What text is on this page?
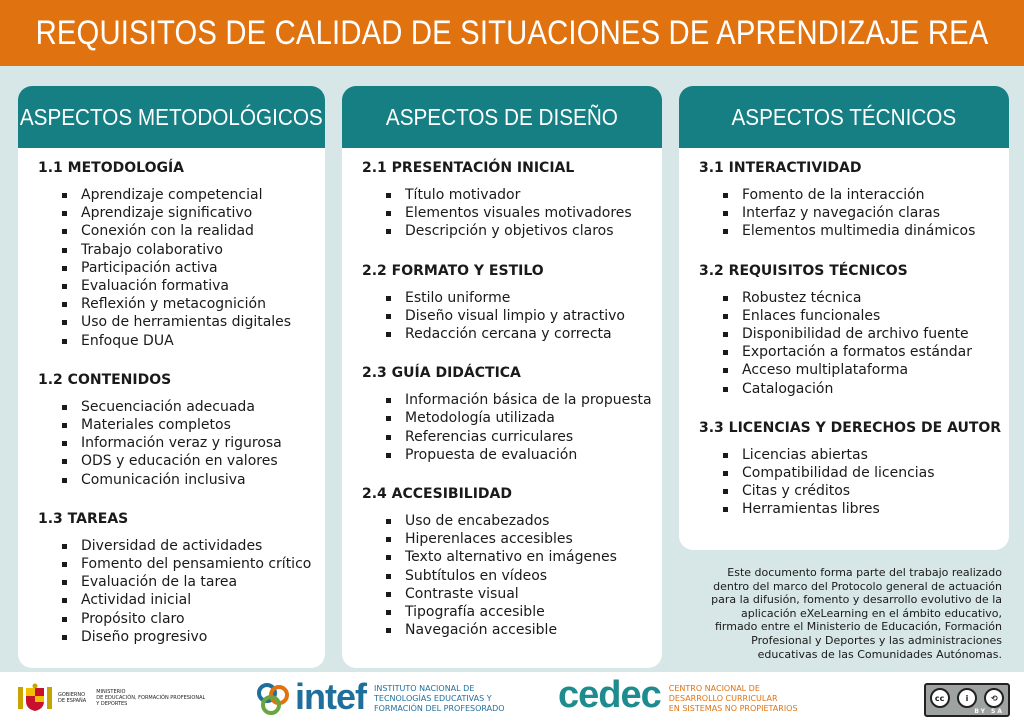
REQUISITOS DE CALIDAD DE SITUACIONES DE APRENDIZAJE REA
ASPECTOS METODOLÓGICOS
1.1 METODOLOGÍA
Aprendizaje competencial
Aprendizaje significativo
Conexión con la realidad
Trabajo colaborativo
Participación activa
Evaluación formativa
Reflexión y metacognición
Uso de herramientas digitales
Enfoque DUA
1.2 CONTENIDOS
Secuenciación adecuada
Materiales completos
Información veraz y rigurosa
ODS y educación en valores
Comunicación inclusiva
1.3 TAREAS
Diversidad de actividades
Fomento del pensamiento crítico
Evaluación de la tarea
Actividad inicial
Propósito claro
Diseño progresivo
ASPECTOS DE DISEÑO
2.1 PRESENTACIÓN INICIAL
Título motivador
Elementos visuales motivadores
Descripción y objetivos claros
2.2 FORMATO Y ESTILO
Estilo uniforme
Diseño visual limpio y atractivo
Redacción cercana y correcta
2.3 GUÍA DIDÁCTICA
Información básica de la propuesta
Metodología utilizada
Referencias curriculares
Propuesta de evaluación
2.4 ACCESIBILIDAD
Uso de encabezados
Hiperenlaces accesibles
Texto alternativo en imágenes
Subtítulos en vídeos
Contraste visual
Tipografía accesible
Navegación accesible
ASPECTOS TÉCNICOS
3.1 INTERACTIVIDAD
Fomento de la interacción
Interfaz y navegación claras
Elementos multimedia dinámicos
3.2 REQUISITOS TÉCNICOS
Robustez técnica
Enlaces funcionales
Disponibilidad de archivo fuente
Exportación a formatos estándar
Acceso multiplataforma
Catalogación
3.3 LICENCIAS Y DERECHOS DE AUTOR
Licencias abiertas
Compatibilidad de licencias
Citas y créditos
Herramientas libres
Este documento forma parte del trabajo realizado dentro del marco del Protocolo general de actuación para la difusión, fomento y desarrollo evolutivo de la aplicación eXeLearning en el ámbito educativo, firmado entre el Ministerio de Educación, Formación Profesional y Deportes y las administraciones educativas de las Comunidades Autónomas.
GOBIERNO
DE ESPAÑA
MINISTERIO
DE EDUCACIÓN, FORMACIÓN PROFESIONAL
Y DEPORTES	intef INSTITUTO NACIONAL DE
TECNOLOGÍAS EDUCATIVAS Y
FORMACIÓN DEL PROFESORADO cedec CENTRO NACIONAL DE
DESARROLLO CURRICULAR
EN SISTEMAS NO PROPIETARIOS
cc	i	⟲
BY SA
